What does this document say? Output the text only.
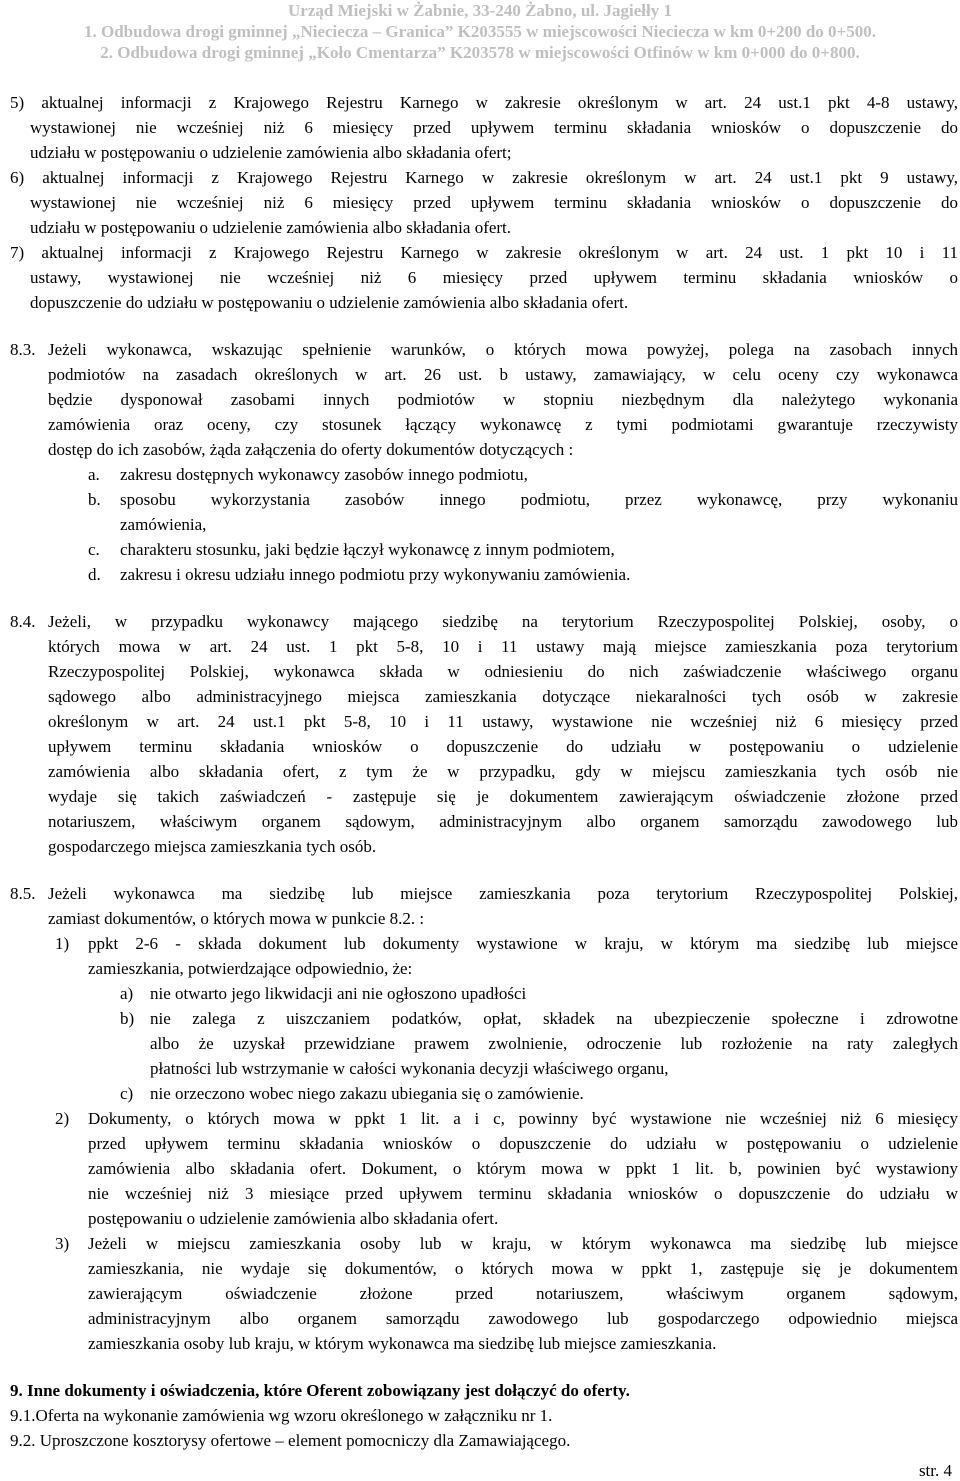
Urząd Miejski w Żabnie, 33-240 Żabno, ul. Jagiełły 1
1. Odbudowa drogi gminnej „Nieciecza – Granica” K203555 w miejscowości Nieciecza w km 0+200 do 0+500.
2. Odbudowa drogi gminnej „Koło Cmentarza” K203578 w miejscowości Otfinów w km 0+000 do 0+800.
5) aktualnej informacji z Krajowego Rejestru Karnego w zakresie określonym w art. 24 ust.1 pkt 4-8 ustawy,
wystawionej nie wcześniej niż 6 miesięcy przed upływem terminu składania wniosków o dopuszczenie do
udziału w postępowaniu o udzielenie zamówienia albo składania ofert;
6) aktualnej informacji z Krajowego Rejestru Karnego w zakresie określonym w art. 24 ust.1 pkt 9 ustawy,
wystawionej nie wcześniej niż 6 miesięcy przed upływem terminu składania wniosków o dopuszczenie do
udziału w postępowaniu o udzielenie zamówienia albo składania ofert.
7) aktualnej informacji z Krajowego Rejestru Karnego w zakresie określonym w art. 24 ust. 1 pkt 10 i 11
ustawy, wystawionej nie wcześniej niż 6 miesięcy przed upływem terminu składania wniosków o
dopuszczenie do udziału w postępowaniu o udzielenie zamówienia albo składania ofert.
8.3. Jeżeli wykonawca, wskazując spełnienie warunków, o których mowa powyżej, polega na zasobach innych
podmiotów na zasadach określonych w art. 26 ust. b ustawy, zamawiający, w celu oceny czy wykonawca
będzie dysponował zasobami innych podmiotów w stopniu niezbędnym dla należytego wykonania
zamówienia oraz oceny, czy stosunek łączący wykonawcę z tymi podmiotami gwarantuje rzeczywisty
dostęp do ich zasobów, żąda załączenia do oferty dokumentów dotyczących :
a. zakresu dostępnych wykonawcy zasobów innego podmiotu,
b. sposobu wykorzystania zasobów innego podmiotu, przez wykonawcę, przy wykonaniu
zamówienia,
c. charakteru stosunku, jaki będzie łączył wykonawcę z innym podmiotem,
d. zakresu i okresu udziału innego podmiotu przy wykonywaniu zamówienia.
8.4. Jeżeli, w przypadku wykonawcy mającego siedzibę na terytorium Rzeczypospolitej Polskiej, osoby, o
których mowa w art. 24 ust. 1 pkt 5-8, 10 i 11 ustawy mają miejsce zamieszkania poza terytorium
Rzeczypospolitej Polskiej, wykonawca składa w odniesieniu do nich zaświadczenie właściwego organu
sądowego albo administracyjnego miejsca zamieszkania dotyczące niekaralności tych osób w zakresie
określonym w art. 24 ust.1 pkt 5-8, 10 i 11 ustawy, wystawione nie wcześniej niż 6 miesięcy przed
upływem terminu składania wniosków o dopuszczenie do udziału w postępowaniu o udzielenie
zamówienia albo składania ofert, z tym że w przypadku, gdy w miejscu zamieszkania tych osób nie
wydaje się takich zaświadczeń - zastępuje się je dokumentem zawierającym oświadczenie złożone przed
notariuszem, właściwym organem sądowym, administracyjnym albo organem samorządu zawodowego lub
gospodarczego miejsca zamieszkania tych osób.
8.5. Jeżeli wykonawca ma siedzibę lub miejsce zamieszkania poza terytorium Rzeczypospolitej Polskiej,
zamiast dokumentów, o których mowa w punkcie 8.2. :
1) ppkt 2-6 - składa dokument lub dokumenty wystawione w kraju, w którym ma siedzibę lub miejsce
zamieszkania, potwierdzające odpowiednio, że:
a) nie otwarto jego likwidacji ani nie ogłoszono upadłości
b) nie zalega z uiszczaniem podatków, opłat, składek na ubezpieczenie społeczne i zdrowotne
albo że uzyskał przewidziane prawem zwolnienie, odroczenie lub rozłożenie na raty zaległych
płatności lub wstrzymanie w całości wykonania decyzji właściwego organu,
c) nie orzeczono wobec niego zakazu ubiegania się o zamówienie.
2) Dokumenty, o których mowa w ppkt 1 lit. a i c, powinny być wystawione nie wcześniej niż 6 miesięcy
przed upływem terminu składania wniosków o dopuszczenie do udziału w postępowaniu o udzielenie
zamówienia albo składania ofert. Dokument, o którym mowa w ppkt 1 lit. b, powinien być wystawiony
nie wcześniej niż 3 miesiące przed upływem terminu składania wniosków o dopuszczenie do udziału w
postępowaniu o udzielenie zamówienia albo składania ofert.
3) Jeżeli w miejscu zamieszkania osoby lub w kraju, w którym wykonawca ma siedzibę lub miejsce
zamieszkania, nie wydaje się dokumentów, o których mowa w ppkt 1, zastępuje się je dokumentem
zawierającym oświadczenie złożone przed notariuszem, właściwym organem sądowym,
administracyjnym albo organem samorządu zawodowego lub gospodarczego odpowiednio miejsca
zamieszkania osoby lub kraju, w którym wykonawca ma siedzibę lub miejsce zamieszkania.
9. Inne dokumenty i oświadczenia, które Oferent zobowiązany jest dołączyć do oferty.
9.1.Oferta na wykonanie zamówienia wg wzoru określonego w załączniku nr 1.
9.2. Uproszczone kosztorysy ofertowe – element pomocniczy dla Zamawiającego.
str. 4
